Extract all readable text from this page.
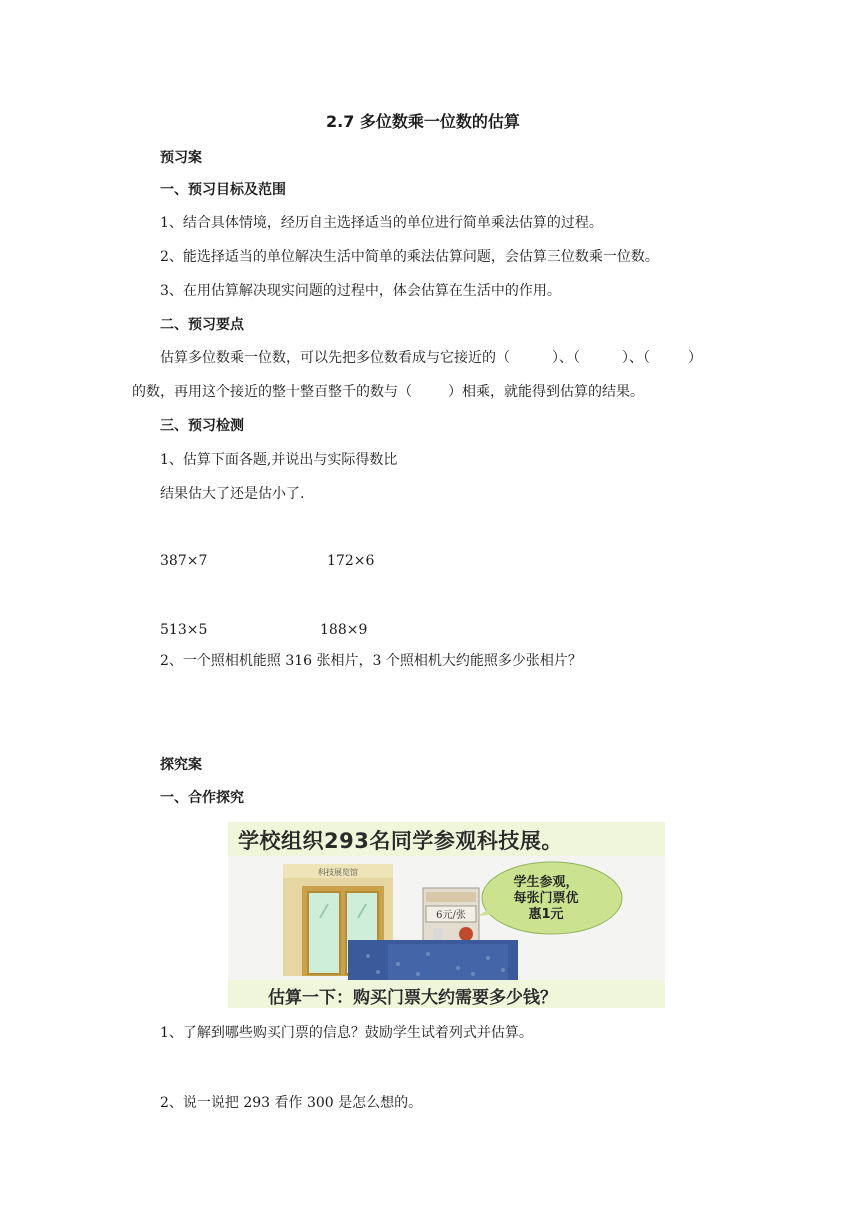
2.7 多位数乘一位数的估算
预习案
一、预习目标及范围
1、结合具体情境，经历自主选择适当的单位进行简单乘法估算的过程。
2、能选择适当的单位解决生活中简单的乘法估算问题，会估算三位数乘一位数。
3、在用估算解决现实问题的过程中，体会估算在生活中的作用。
二、预习要点
估算多位数乘一位数，可以先把多位数看成与它接近的（	）、（	）、（	）
的数，再用这个接近的整十整百整千的数与（	）相乘，就能得到估算的结果。
三、预习检测
1、估算下面各题,并说出与实际得数比
结果估大了还是估小了.
387×7	172×6
513×5	188×9
2、一个照相机能照 316 张相片，3 个照相机大约能照多少张相片？
探究案
一、合作探究
学校组织293名同学参观科技展。
科技展览馆
6元/张
学生参观，
每张门票优
惠1元
估算一下：购买门票大约需要多少钱？
1、了解到哪些购买门票的信息？鼓励学生试着列式并估算。
2、说一说把 293 看作 300 是怎么想的。
